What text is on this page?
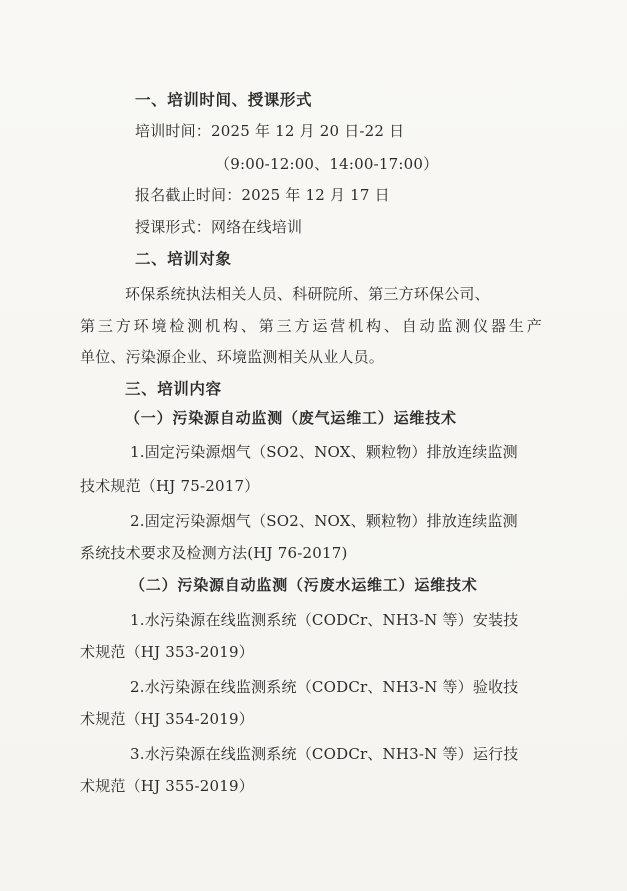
一、培训时间、授课形式
培训时间：2025 年 12 月 20 日-22 日
（9:00-12:00、14:00-17:00）
报名截止时间：2025 年 12 月 17 日
授课形式：网络在线培训
二、培训对象
环保系统执法相关人员、科研院所、第三方环保公司、
第三方环境检测机构、第三方运营机构、自动监测仪器生产
单位、污染源企业、环境监测相关从业人员。
三、培训内容
（一）污染源自动监测（废气运维工）运维技术
1.固定污染源烟气（SO2、NOX、颗粒物）排放连续监测
技术规范（HJ 75-2017）
2.固定污染源烟气（SO2、NOX、颗粒物）排放连续监测
系统技术要求及检测方法(HJ 76-2017)
（二）污染源自动监测（污废水运维工）运维技术
1.水污染源在线监测系统（CODCr、NH3-N 等）安装技
术规范（HJ 353-2019）
2.水污染源在线监测系统（CODCr、NH3-N 等）验收技
术规范（HJ 354-2019）
3.水污染源在线监测系统（CODCr、NH3-N 等）运行技
术规范（HJ 355-2019）
